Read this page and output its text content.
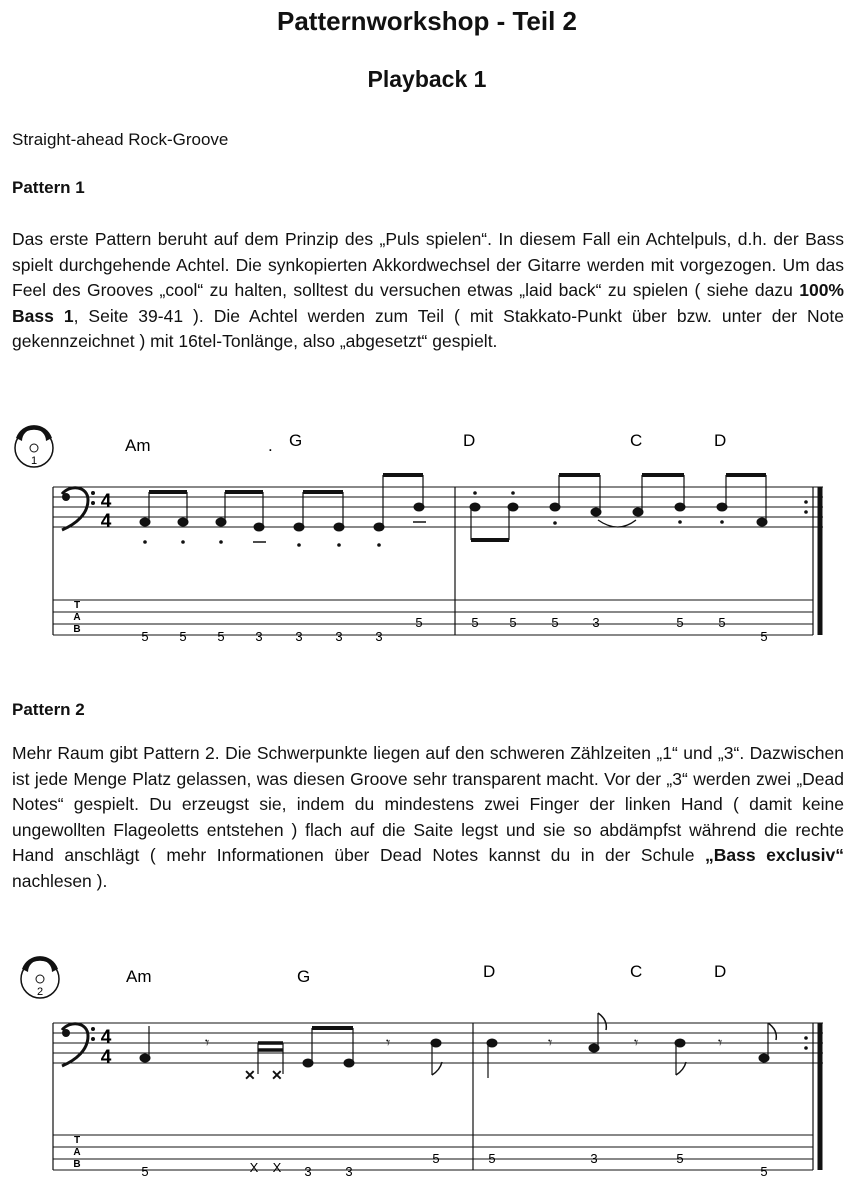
Patternworkshop - Teil 2
Playback 1
Straight-ahead Rock-Groove
Pattern 1
Das erste Pattern beruht auf dem Prinzip des „Puls spielen“. In diesem Fall ein Achtelpuls, d.h. der Bass spielt durchgehende Achtel. Die synkopierten Akkordwechsel der Gitarre werden mit vorgezogen. Um das Feel des Grooves „cool“ zu halten, solltest du versuchen etwas „laid back“ zu spielen ( siehe dazu 100% Bass 1, Seite 39-41 ). Die Achtel werden zum Teil ( mit Stakkato-Punkt über bzw. unter der Note gekennzeichnet ) mit 16tel-Tonlänge, also „abgesetzt“ gespielt.
CD
1
Am	. G	D	C	D
4
4
T
A
B	5 5 5 3	3	3	3
5	5 5	5	3	5	5
5
Pattern 2
Mehr Raum gibt Pattern 2. Die Schwerpunkte liegen auf den schweren Zählzeiten „1“ und „3“. Dazwischen ist jede Menge Platz gelassen, was diesen Groove sehr transparent macht. Vor der „3“ werden zwei „Dead Notes“ gespielt. Du erzeugst sie, indem du mindestens zwei Finger der linken Hand ( damit keine ungewollten Flageoletts entstehen ) flach auf die Saite legst und sie so abdämpfst während die rechte Hand anschlägt ( mehr Informationen über Dead Notes kannst du in der Schule „Bass exclusiv“ nachlesen ).
CD
2
Am	G	D	C	D
4
4
𝄾
✕ ✕
𝄾	𝄾	𝄾	𝄾
T
A
B	5	X X 3	3
5	5	3	5
5
